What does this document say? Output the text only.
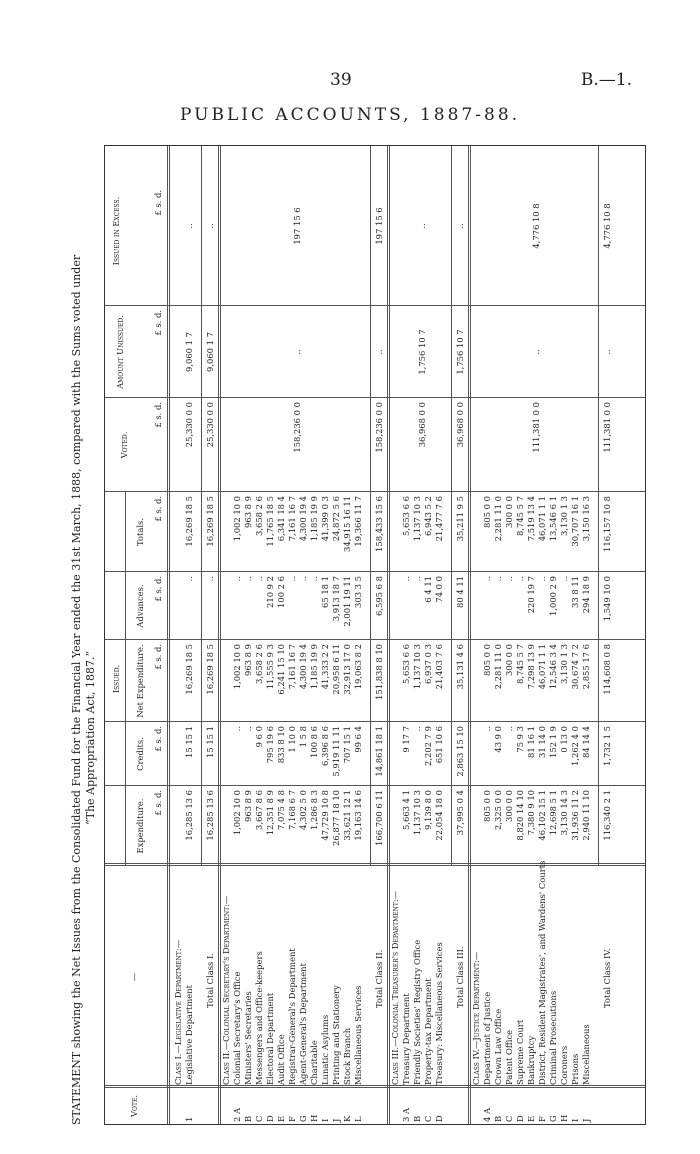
39	B.—1.
PUBLIC ACCOUNTS, 1887-88.
STATEMENT showing the Net Issues from the Consolidated Fund for the Financial Year ended the 31st March, 1888, compared with the Sums voted under “The Appropriation Act, 1887.”
Vote.
—
Issued.
Expenditure.
Credits.
Net Expenditure.
Advances.
Totals.
Voted.
Amount Unissued.
Issued in Excess.
£ s. d.
£ s. d.
£ s. d.
£ s. d.
£ s. d.
£ s. d.
£ s. d.
£ s. d.
Class I.—Legislative Department:—
1
Legislative Department
16,285 13 6
15 15 1
16,269 18 5
..
16,269 18 5
25,330 0 0
9,060 1 7
..
Total Class I.
16,285 13 6
15 15 1
16,269 18 5
..
16,269 18 5
25,330 0 0
9,060 1 7
..
Class II.—Colonial Secretary's Department:—
2 A
Colonial Secretary's Office
1,002 10 0
..
1,002 10 0
..
1,002 10 0
B
Ministers' Secretaries
963 8 9
..
963 8 9
..
963 8 9
C
Messengers and Office-keepers
3,667 8 6
9 6 0
3,658 2 6
..
3,658 2 6
D
Electoral Department
12,351 8 9
795 19 6
11,555 9 3
210 9 2
11,765 18 5
E
Audit Office
7,075 4 8
833 8 10
6,241 15 10
100 2 6
6,341 18 4
F
Registrar-General's Department
7,168 6 7
1 10 0
7,161 16 7
..
7,161 16 7
G
Agent-General's Department
4,302 5 0
1 5 8
4,300 19 4
..
4,300 19 4
H
Charitable
1,286 8 3
100 8 6
1,185 19 9
..
1,185 19 9
I
Lunatic Asylums
47,729 10 8
6,396 8 6
41,333 2 2
65 18 1
41,399 0 3
J
Printing and Stationery
26,877 18 10
5,919 11 11
20,958 6 11
3,913 18 7
24,872 5 6
K
Stock Branch
33,621 12 1
707 15 1
32,913 17 0
2,001 19 11
34,915 16 11
L
Miscellaneous Services
19,163 14 6
99 6 4
19,063 8 2
303 3 5
19,366 11 7
158,236 0 0
..
197 15 6
Total Class II.
166,700 6 11
14,861 18 1
151,838 8 10
6,595 6 8
158,433 15 6
158,236 0 0
..
197 15 6
Class III.—Colonial Treasurer's Department:—
3 A
Treasury Department
5,663 4 1
9 17 7
5,653 6 6
..
5,653 6 6
B
Friendly Societies' Registry Office
1,137 10 3
..
1,137 10 3
..
1,137 10 3
C
Property-tax Department
9,139 8 0
2,202 7 9
6,937 0 3
6 4 11
6,943 5 2
D
Treasury: Miscellaneous Services
22,054 18 0
651 10 6
21,403 7 6
74 0 0
21,477 7 6
36,968 0 0
1,756 10 7
..
Total Class III.
37,995 0 4
2,863 15 10
35,131 4 6
80 4 11
35,211 9 5
36,968 0 0
1,756 10 7
..
Class IV.—Justice Department:—
4 A
Department of Justice
805 0 0
..
805 0 0
..
805 0 0
B
Crown Law Office
2,325 0 0
43 9 0
2,281 11 0
..
2,281 11 0
C
Patent Office
300 0 0
..
300 0 0
..
300 0 0
D
Supreme Court
8,820 14 10
75 9 3
8,745 5 7
..
8,745 5 7
E
Bankruptcy
7,380 9 10
81 16 1
7,298 13 9
220 19 7
7,519 13 4
F
District, Resident Magistrates', and Wardens' Courts
46,102 15 1
31 14 0
46,071 1 1
..
46,071 1 1
G
Criminal Prosecutions
12,698 5 1
152 1 9
12,546 3 4
1,000 2 9
13,546 6 1
H
Coroners
3,130 14 3
0 13 0
3,130 1 3
..
3,130 1 3
I
Prisons
31,936 11 2
1,262 4 0
30,674 7 2
33 8 11
30,707 16 1
J
Miscellaneous
2,940 11 10
84 14 4
2,855 17 6
294 18 9
3,150 16 3
111,381 0 0
..
4,776 10 8
Total Class IV.
116,340 2 1
1,732 1 5
114,608 0 8
1,549 10 0
116,157 10 8
111,381 0 0
..
4,776 10 8
